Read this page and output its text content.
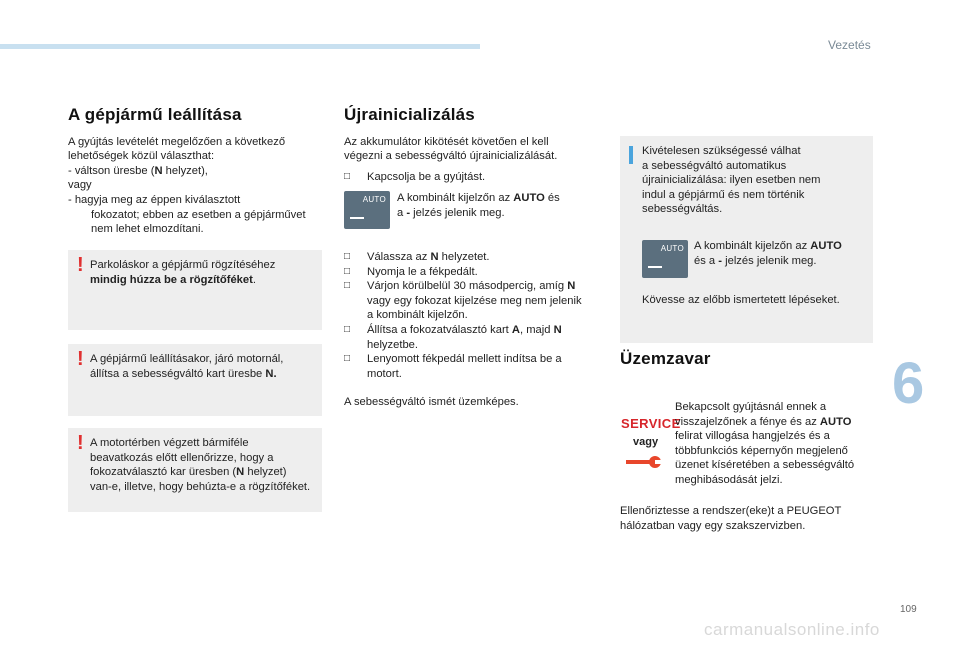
Vezetés
A gépjármű leállítása

A gyújtás levételét megelőzően a következő
lehetőségek közül választhat:

- váltson üresbe (N helyzet),

vagy

- hagyja meg az éppen kiválasztott
fokozatot; ebben az esetben a gépjárművet
nem lehet elmozdítani.

! Parkoláskor a gépjármű rögzítéséhez
mindig húzza be a rögzítőféket.
! A gépjármű leállításakor, járó motornál,
állítsa a sebességváltó kart üresbe N.
! A motortérben végzett bármiféle
beavatkozás előtt ellenőrizze, hogy a
fokozatválasztó kar üresben (N helyzet)
van-e, illetve, hogy behúzta-e a rögzítőféket.
Újrainicializálás

Az akkumulátor kikötését követően el kell
végezni a sebességváltó újrainicializálását.

□ Kapcsolja be a gyújtást.

AUTO A kombinált kijelzőn az AUTO és
a - jelzés jelenik meg.

□ Válassza az N helyzetet.

□ Nyomja le a fékpedált.

□ Várjon körülbelül 30 másodpercig, amíg N
vagy egy fokozat kijelzése meg nem jelenik
a kombinált kijelzőn.

□ Állítsa a fokozatválasztó kart A, majd N
helyzetbe.

□ Lenyomott fékpedál mellett indítsa be a
motort.

A sebességváltó ismét üzemképes.

Kivételesen szükségessé válhat
a sebességváltó automatikus
újrainicializálása: ilyen esetben nem
indul a gépjármű és nem történik
sebességváltás.
AUTO A kombinált kijelzőn az AUTO
és a - jelzés jelenik meg.
Kövesse az előbb ismertetett lépéseket.
Üzemzavar
SERVICE
vagy

Bekapcsolt gyújtásnál ennek a
visszajelzőnek a fénye és az AUTO
felirat villogása hangjelzés és a
többfunkciós képernyőn megjelenő
üzenet kíséretében a sebességváltó
meghibásodását jelzi.

Ellenőriztesse a rendszer(eke)t a PEUGEOT
hálózatban vagy egy szakszervizben.

6
109
carmanualsonline.info
